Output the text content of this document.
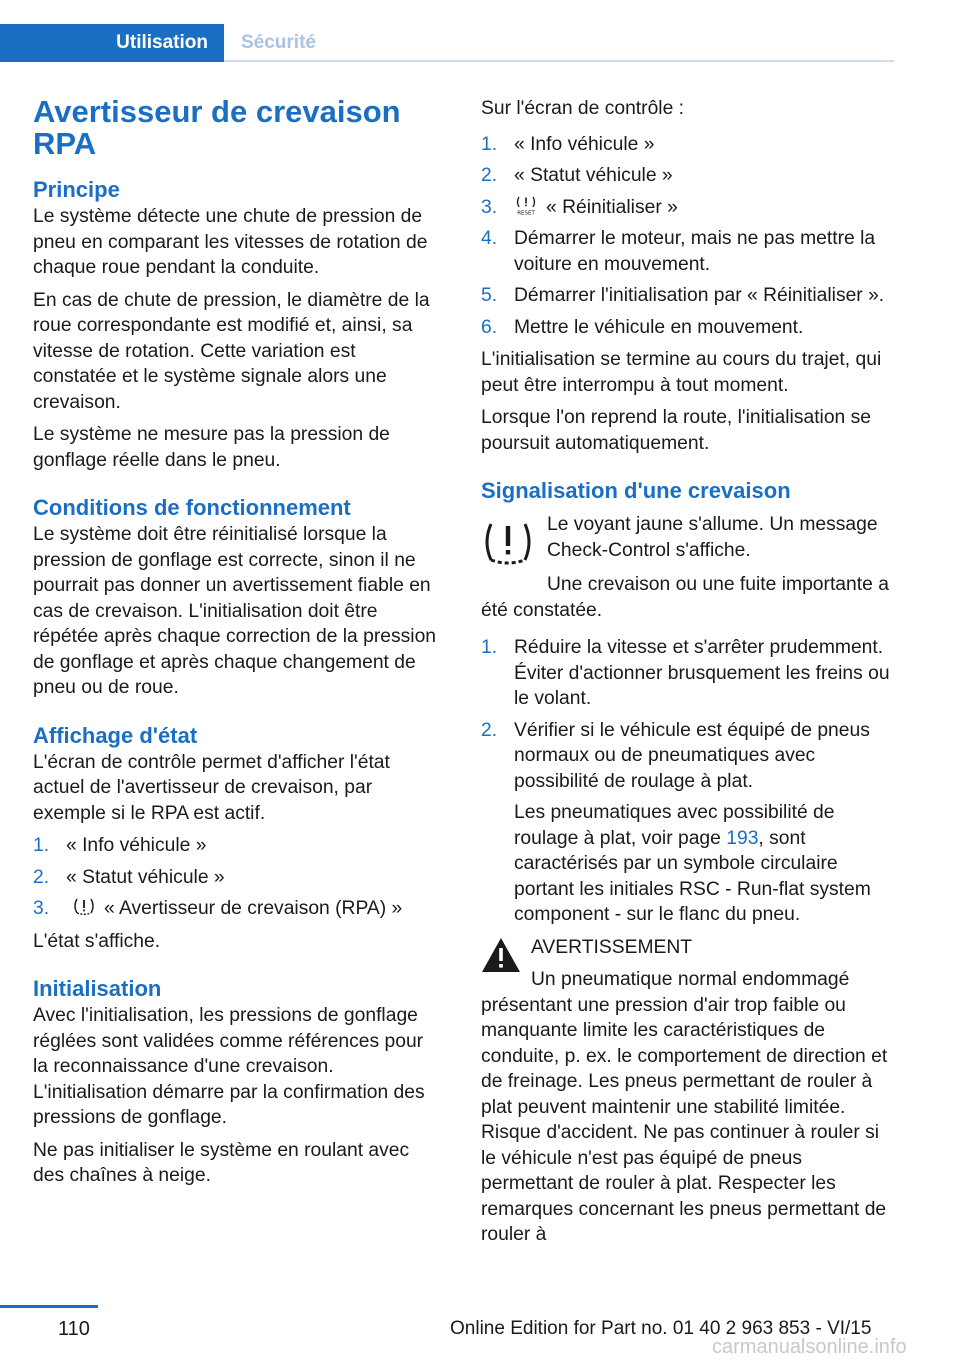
Utilisation	Sécurité
Avertisseur de crevaison RPA
Principe

Le système détecte une chute de pression de pneu en comparant les vitesses de rotation de chaque roue pendant la conduite.

En cas de chute de pression, le diamètre de la roue correspondante est modifié et, ainsi, sa vitesse de rotation. Cette variation est constatée et le système signale alors une crevaison.

Le système ne mesure pas la pression de gonflage réelle dans le pneu.

Conditions de fonctionnement

Le système doit être réinitialisé lorsque la pression de gonflage est correcte, sinon il ne pourrait pas donner un avertissement fiable en cas de crevaison. L'initialisation doit être répétée après chaque correction de la pression de gonflage et après chaque changement de pneu ou de roue.

Affichage d'état

L'écran de contrôle permet d'afficher l'état actuel de l'avertisseur de crevaison, par exemple si le RPA est actif.

1. « Info véhicule »
2. « Statut véhicule »
3.	« Avertisseur de crevaison (RPA) »

L'état s'affiche.

Initialisation

Avec l'initialisation, les pressions de gonflage réglées sont validées comme références pour la reconnaissance d'une crevaison. L'initialisation démarre par la confirmation des pressions de gonflage.

Ne pas initialiser le système en roulant avec des chaînes à neige.

Sur l'écran de contrôle :

1. « Info véhicule »
2. « Statut véhicule »
3.	RESET « Réinitialiser »
4. Démarrer le moteur, mais ne pas mettre la voiture en mouvement.
5. Démarrer l'initialisation par « Réinitialiser ».
6. Mettre le véhicule en mouvement.

L'initialisation se termine au cours du trajet, qui peut être interrompu à tout moment.

Lorsque l'on reprend la route, l'initialisation se poursuit automatiquement.

Signalisation d'une crevaison

Le voyant jaune s'allume. Un message Check-Control s'affiche.

Une crevaison ou une fuite importante a été constatée.

1. Réduire la vitesse et s'arrêter prudemment. Éviter d'actionner brusquement les freins ou le volant.
2. Vérifier si le véhicule est équipé de pneus normaux ou de pneumatiques avec possibilité de roulage à plat.
Les pneumatiques avec possibilité de roulage à plat, voir page 193, sont caractérisés par un symbole circulaire portant les initiales RSC - Run-flat system component - sur le flanc du pneu.

AVERTISSEMENT

Un pneumatique normal endommagé

présentant une pression d'air trop faible ou manquante limite les caractéristiques de conduite, p. ex. le comportement de direction et de freinage. Les pneus permettant de rouler à plat peuvent maintenir une stabilité limitée. Risque d'accident. Ne pas continuer à rouler si le véhicule n'est pas équipé de pneus permettant de rouler à plat. Respecter les remarques concernant les pneus permettant de rouler à

110	Online Edition for Part no. 01 40 2 963 853 - VI/15
carmanualsonline.info
